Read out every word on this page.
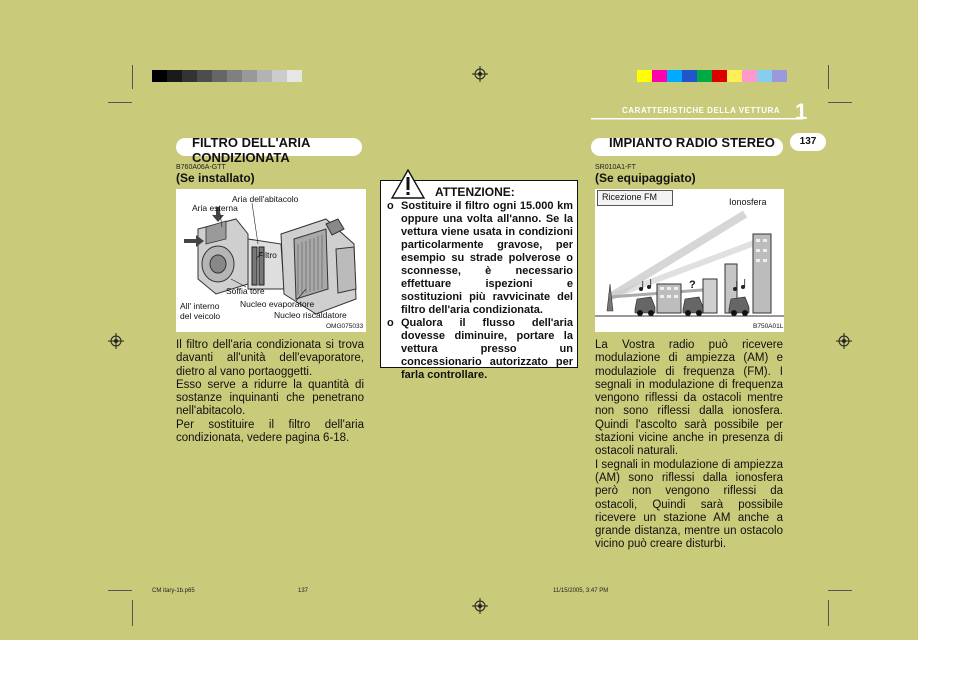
CARATTERISTICHE DELLA VETTURA 1
137
FILTRO DELL'ARIA CONDIZIONATA
B760A06A-GTT
(Se installato)
Aria dell'abitacolo
Aria esterna
Filtro
Soffia tore
All' interno
del veicolo
Nucleo evaporatore
Nucleo riscaldatore
OMG075033
Il filtro dell'aria condizionata si trova davanti all'unità dell'evaporatore, dietro al vano portaoggetti.
Esso serve a ridurre la quantità di sostanze inquinanti che penetrano nell'abitacolo.
Per sostituire il filtro dell'aria condizionata, vedere pagina 6-18.
ATTENZIONE:
o Sostituire il filtro ogni 15.000 km oppure una volta all'anno. Se la vettura viene usata in condizioni particolarmente gravose, per esempio su strade polverose o sconnesse, è necessario effettuare ispezioni e sostituzioni più ravvicinate del filtro dell'aria condizionata.
o Qualora il flusso dell'aria dovesse diminuire, portare la vettura presso un concessionario autorizzato per farla controllare.
IMPIANTO RADIO STEREO
SR010A1-FT
(Se equipaggiato)
Ricezione FM	Ionosfera
?
B750A01L
La Vostra radio può ricevere modulazione di ampiezza (AM) e modulaziole di frequenza (FM). I segnali in modulazione di frequenza vengono riflessi da ostacoli mentre non sono riflessi dalla ionosfera. Quindi l'ascolto sarà possibile per stazioni vicine anche in presenza di ostacoli naturali.
I segnali in modulazione di ampiezza (AM) sono riflessi dalla ionosfera però non vengono riflessi da ostacoli, Quindi sarà possibile ricevere un stazione AM anche a grande distanza, mentre un ostacolo vicino può creare disturbi.
CM itary-1b.p65	137	11/15/2005, 3:47 PM
